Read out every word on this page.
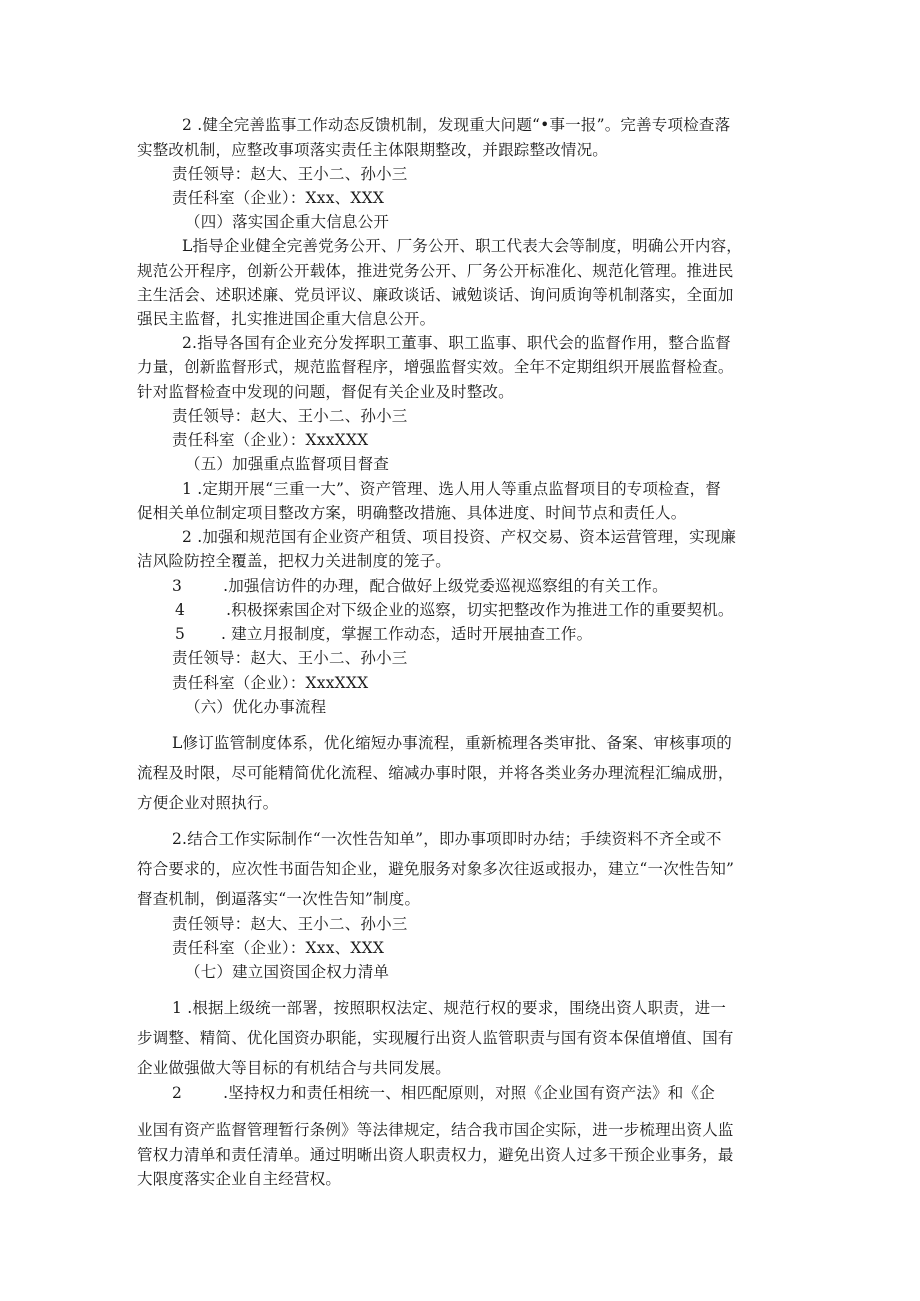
2 .健全完善监事工作动态反馈机制，发现重大问题“•事一报”。完善专项检查落
实整改机制，应整改事项落实责任主体限期整改，并跟踪整改情况。
责任领导：赵大、王小二、孙小三
责任科室（企业）：Xxx、XXX
（四）落实国企重大信息公开
L指导企业健全完善党务公开、厂务公开、职工代表大会等制度，明确公开内容，
规范公开程序，创新公开载体，推进党务公开、厂务公开标准化、规范化管理。推进民
主生活会、述职述廉、党员评议、廉政谈话、诫勉谈话、询问质询等机制落实，全面加
强民主监督，扎实推进国企重大信息公开。
2.指导各国有企业充分发挥职工董事、职工监事、职代会的监督作用，整合监督
力量，创新监督形式，规范监督程序，增强监督实效。全年不定期组织开展监督检查。
针对监督检查中发现的问题，督促有关企业及时整改。
责任领导：赵大、王小二、孙小三
责任科室（企业）：XxxXXX
（五）加强重点监督项目督查
1 .定期开展“三重一大”、资产管理、选人用人等重点监督项目的专项检查，督
促相关单位制定项目整改方案，明确整改措施、具体进度、时间节点和责任人。
2 .加强和规范国有企业资产租赁、项目投资、产权交易、资本运营管理，实现廉
洁风险防控全覆盖，把权力关进制度的笼子。
3        .加强信访件的办理，配合做好上级党委巡视巡察组的有关工作。
4        .积极探索国企对下级企业的巡察，切实把整改作为推进工作的重要契机。
5       . 建立月报制度，掌握工作动态，适时开展抽查工作。
责任领导：赵大、王小二、孙小三
责任科室（企业）：XxxXXX
（六）优化办事流程
L修订监管制度体系，优化缩短办事流程，重新梳理各类审批、备案、审核事项的
流程及时限，尽可能精简优化流程、缩减办事时限，并将各类业务办理流程汇编成册，
方便企业对照执行。
2.结合工作实际制作“一次性告知单”，即办事项即时办结；手续资料不齐全或不
符合要求的，应次性书面告知企业，避免服务对象多次往返或报办，建立“一次性告知”
督查机制，倒逼落实“一次性告知”制度。
责任领导：赵大、王小二、孙小三
责任科室（企业）：Xxx、XXX
（七）建立国资国企权力清单
1 .根据上级统一部署，按照职权法定、规范行权的要求，围绕出资人职责，进一
步调整、精简、优化国资办职能，实现履行出资人监管职责与国有资本保值增值、国有
企业做强做大等目标的有机结合与共同发展。
2        .坚持权力和责任相统一、相匹配原则，对照《企业国有资产法》和《企
业国有资产监督管理暂行条例》等法律规定，结合我市国企实际，进一步梳理出资人监
管权力清单和责任清单。通过明晰出资人职责权力，避免出资人过多干预企业事务，最
大限度落实企业自主经营权。
